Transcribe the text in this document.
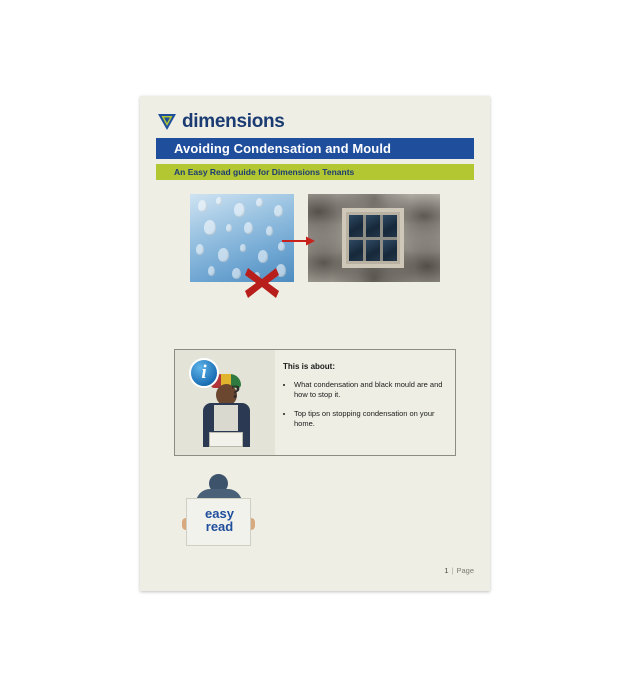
dimensions
Avoiding Condensation and Mould
An Easy Read guide for Dimensions Tenants
i
?
This is about:
• What condensation and black mould are and how to stop it.
• Top tips on stopping condensation on your home.
easy
read
1 | Page
